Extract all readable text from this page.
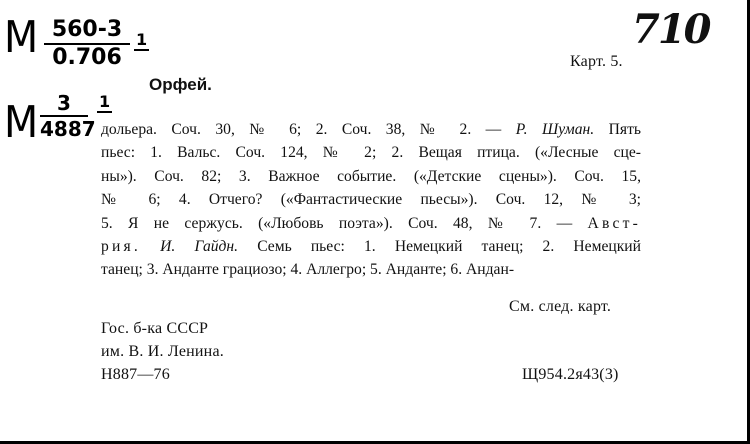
М 560-3
0.706
1
М 3
4887
1
710
Карт. 5.
Орфей.
дольера. Соч. 30, № 6; 2. Соч. 38, № 2. — Р. Шуман. Пять
пьес: 1. Вальс. Соч. 124, № 2; 2. Вещая птица. («Лесные сце-
ны»). Соч. 82; 3. Важное событие. («Детские сцены»). Соч. 15,
№ 6; 4. Отчего? («Фантастические пьесы»). Соч. 12, № 3;
5. Я не сержусь. («Любовь поэта»). Соч. 48, № 7. — Авст-
рия. И. Гайдн. Семь пьес: 1. Немецкий танец; 2. Немецкий
танец; 3. Анданте грациозо; 4. Аллегро; 5. Анданте; 6. Андан-
См. след. карт.
Гос. б-ка СССР
им. В. И. Ленина.
Н887—76	Щ954.2я43(3)
